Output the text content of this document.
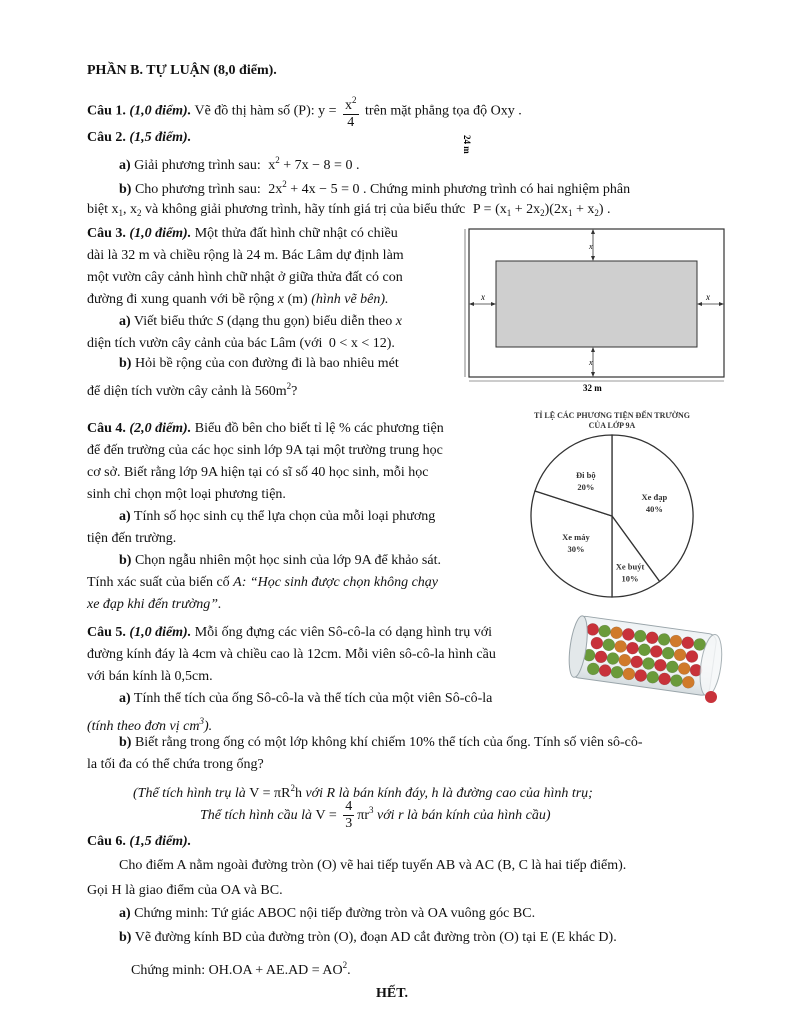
PHẦN B. TỰ LUẬN (8,0 điểm).
Câu 1. (1,0 điểm). Vẽ đồ thị hàm số (P): $y = \frac{x^2}{4}$ trên mặt phẳng tọa độ Oxy .
Câu 2. (1,5 điểm).
a) Giải phương trình sau: $x^2 + 7x - 8 = 0$ .
b) Cho phương trình sau: $2x^2 + 4x - 5 = 0$ . Chứng minh phương trình có hai nghiệm phân
biệt $x_1$, $x_2$ và không giải phương trình, hãy tính giá trị của biểu thức $P = (x_1 + 2x_2)(2x_1 + x_2)$ .
Câu 3. (1,0 điểm). Một thửa đất hình chữ nhật có chiều
dài là 32 m và chiều rộng là 24 m. Bác Lâm dự định làm
một vườn cây cảnh hình chữ nhật ở giữa thửa đất có con
đường đi xung quanh với bề rộng x (m) (hình vẽ bên).
a) Viết biểu thức S (dạng thu gọn) biểu diễn theo x
diện tích vườn cây cảnh của bác Lâm (với 0 < x < 12).
b) Hỏi bề rộng của con đường đi là bao nhiêu mét
để diện tích vườn cây cảnh là $560m^2$?
x
x
x	x
24 m
32 m
Câu 4. (2,0 điểm). Biểu đồ bên cho biết tỉ lệ % các phương tiện
để đến trường của các học sinh lớp 9A tại một trường trung học
cơ sở. Biết rằng lớp 9A hiện tại có sĩ số 40 học sinh, mỗi học
sinh chỉ chọn một loại phương tiện.
a) Tính số học sinh cụ thể lựa chọn của mỗi loại phương
tiện đến trường.
b) Chọn ngẫu nhiên một học sinh của lớp 9A để khảo sát.
Tính xác suất của biến cố A: “Học sinh được chọn không chạy
xe đạp khi đến trường”.
TỈ LỆ CÁC PHƯƠNG TIỆN ĐẾN TRƯỜNG
CỦA LỚP 9A
Xe đạp
40%
Xe buýt
10%
Xe máy
30%
Đi bộ
20%
Câu 5. (1,0 điểm). Mỗi ống đựng các viên Sô-cô-la có dạng hình trụ với
đường kính đáy là 4cm và chiều cao là 12cm. Mỗi viên sô-cô-la hình cầu
với bán kính là 0,5cm.
a) Tính thể tích của ống Sô-cô-la và thể tích của một viên Sô-cô-la
(tính theo đơn vị $cm^3$).
b) Biết rằng trong ống có một lớp không khí chiếm 10% thể tích của ống. Tính số viên sô-cô-
la tối đa có thể chứa trong ống?
(Thể tích hình trụ là $V = \pi R^2h$ với R là bán kính đáy, h là đường cao của hình trụ;
Thể tích hình cầu là $V = \frac{4}{3} \pi r^3$ với r là bán kính của hình cầu)
Câu 6. (1,5 điểm).
Cho điểm A nằm ngoài đường tròn (O) vẽ hai tiếp tuyến AB và AC (B, C là hai tiếp điểm).
Gọi H là giao điểm của OA và BC.
a) Chứng minh: Tứ giác ABOC nội tiếp đường tròn và OA vuông góc BC.
b) Vẽ đường kính BD của đường tròn (O), đoạn AD cắt đường tròn (O) tại E (E khác D).
Chứng minh: $OH.OA + AE.AD = AO^2$.
HẾT.
